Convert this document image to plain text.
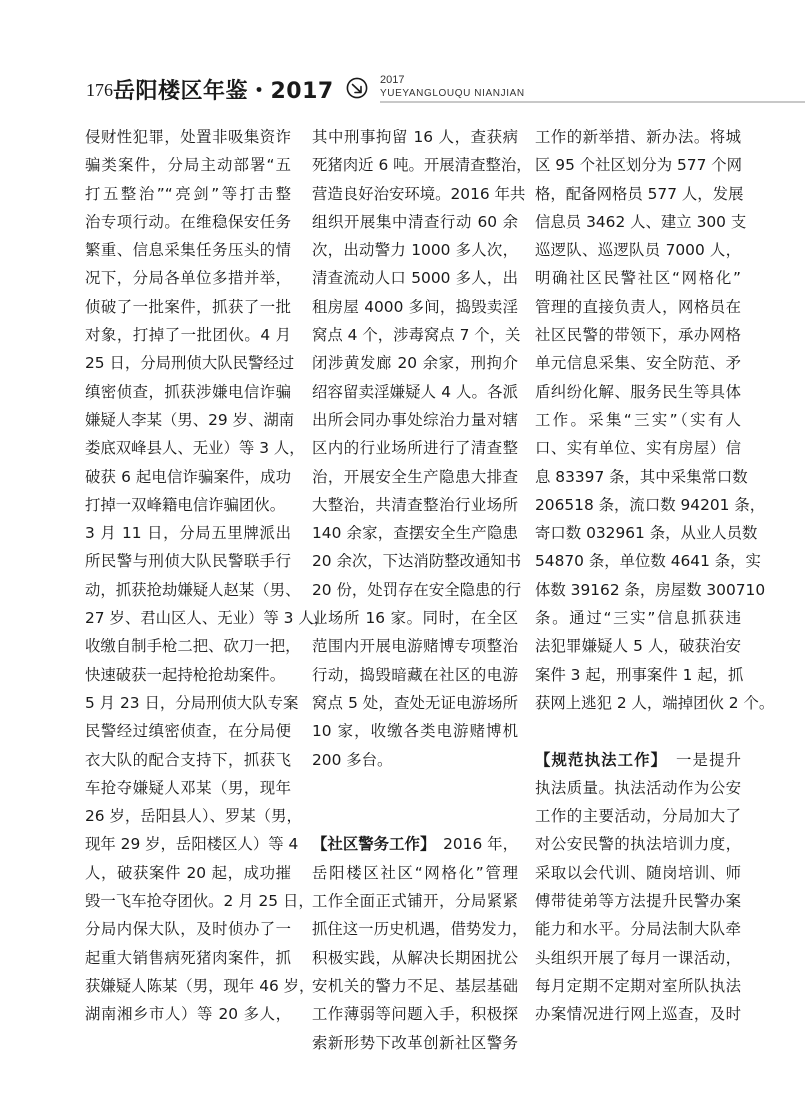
176 岳阳楼区年鉴・2017	2017
YUEYANGLOUQU NIANJIAN
侵财性犯罪，处置非吸集资诈
骗类案件，分局主动部署“五
打五整治”“亮剑”等打击整
治专项行动。在维稳保安任务
繁重、信息采集任务压头的情
况下，分局各单位多措并举，
侦破了一批案件，抓获了一批
对象，打掉了一批团伙。4 月
25 日，分局刑侦大队民警经过
缜密侦查，抓获涉嫌电信诈骗
嫌疑人李某（男、29 岁、湖南
娄底双峰县人、无业）等 3 人，
破获 6 起电信诈骗案件，成功
打掉一双峰籍电信诈骗团伙。
3 月 11 日，分局五里牌派出
所民警与刑侦大队民警联手行
动，抓获抢劫嫌疑人赵某（男、
27 岁、君山区人、无业）等 3 人，
收缴自制手枪二把、砍刀一把，
快速破获一起持枪抢劫案件。
5 月 23 日，分局刑侦大队专案
民警经过缜密侦查，在分局便
衣大队的配合支持下，抓获飞
车抢夺嫌疑人邓某（男，现年
26 岁，岳阳县人）、罗某（男，
现年 29 岁，岳阳楼区人）等 4
人，破获案件 20 起，成功摧
毁一飞车抢夺团伙。2 月 25 日，
分局内保大队，及时侦办了一
起重大销售病死猪肉案件，抓
获嫌疑人陈某（男，现年 46 岁，
湖南湘乡市人）等 20 多人，
其中刑事拘留 16 人，查获病
死猪肉近 6 吨。开展清查整治，
营造良好治安环境。2016 年共
组织开展集中清查行动 60 余
次，出动警力 1000 多人次，
清查流动人口 5000 多人，出
租房屋 4000 多间，捣毁卖淫
窝点 4 个，涉毒窝点 7 个，关
闭涉黄发廊 20 余家，刑拘介
绍容留卖淫嫌疑人 4 人。各派
出所会同办事处综治力量对辖
区内的行业场所进行了清查整
治，开展安全生产隐患大排查
大整治，共清查整治行业场所
140 余家，查摆安全生产隐患
20 余次，下达消防整改通知书
20 份，处罚存在安全隐患的行
业场所 16 家。同时，在全区
范围内开展电游赌博专项整治
行动，捣毁暗藏在社区的电游
窝点 5 处，查处无证电游场所
10 家，收缴各类电游赌博机
200 多台。
【社区警务工作】　2016 年，
岳阳楼区社区“网格化”管理
工作全面正式铺开，分局紧紧
抓住这一历史机遇，借势发力，
积极实践，从解决长期困扰公
安机关的警力不足、基层基础
工作薄弱等问题入手，积极探
索新形势下改革创新社区警务
工作的新举措、新办法。将城
区 95 个社区划分为 577 个网
格，配备网格员 577 人，发展
信息员 3462 人、建立 300 支
巡逻队、巡逻队员 7000 人，
明确社区民警社区“网格化”
管理的直接负责人，网格员在
社区民警的带领下，承办网格
单元信息采集、安全防范、矛
盾纠纷化解、服务民生等具体
工作。采集“三实”（实有人
口、实有单位、实有房屋）信
息 83397 条，其中采集常口数
206518 条，流口数 94201 条，
寄口数 032961 条，从业人员数
54870 条，单位数 4641 条，实
体数 39162 条，房屋数 300710
条。通过“三实”信息抓获违
法犯罪嫌疑人 5 人，破获治安
案件 3 起，刑事案件 1 起，抓
获网上逃犯 2 人，端掉团伙 2 个。
【规范执法工作】　一是提升
执法质量。执法活动作为公安
工作的主要活动，分局加大了
对公安民警的执法培训力度，
采取以会代训、随岗培训、师
傅带徒弟等方法提升民警办案
能力和水平。分局法制大队牵
头组织开展了每月一课活动，
每月定期不定期对室所队执法
办案情况进行网上巡查，及时
